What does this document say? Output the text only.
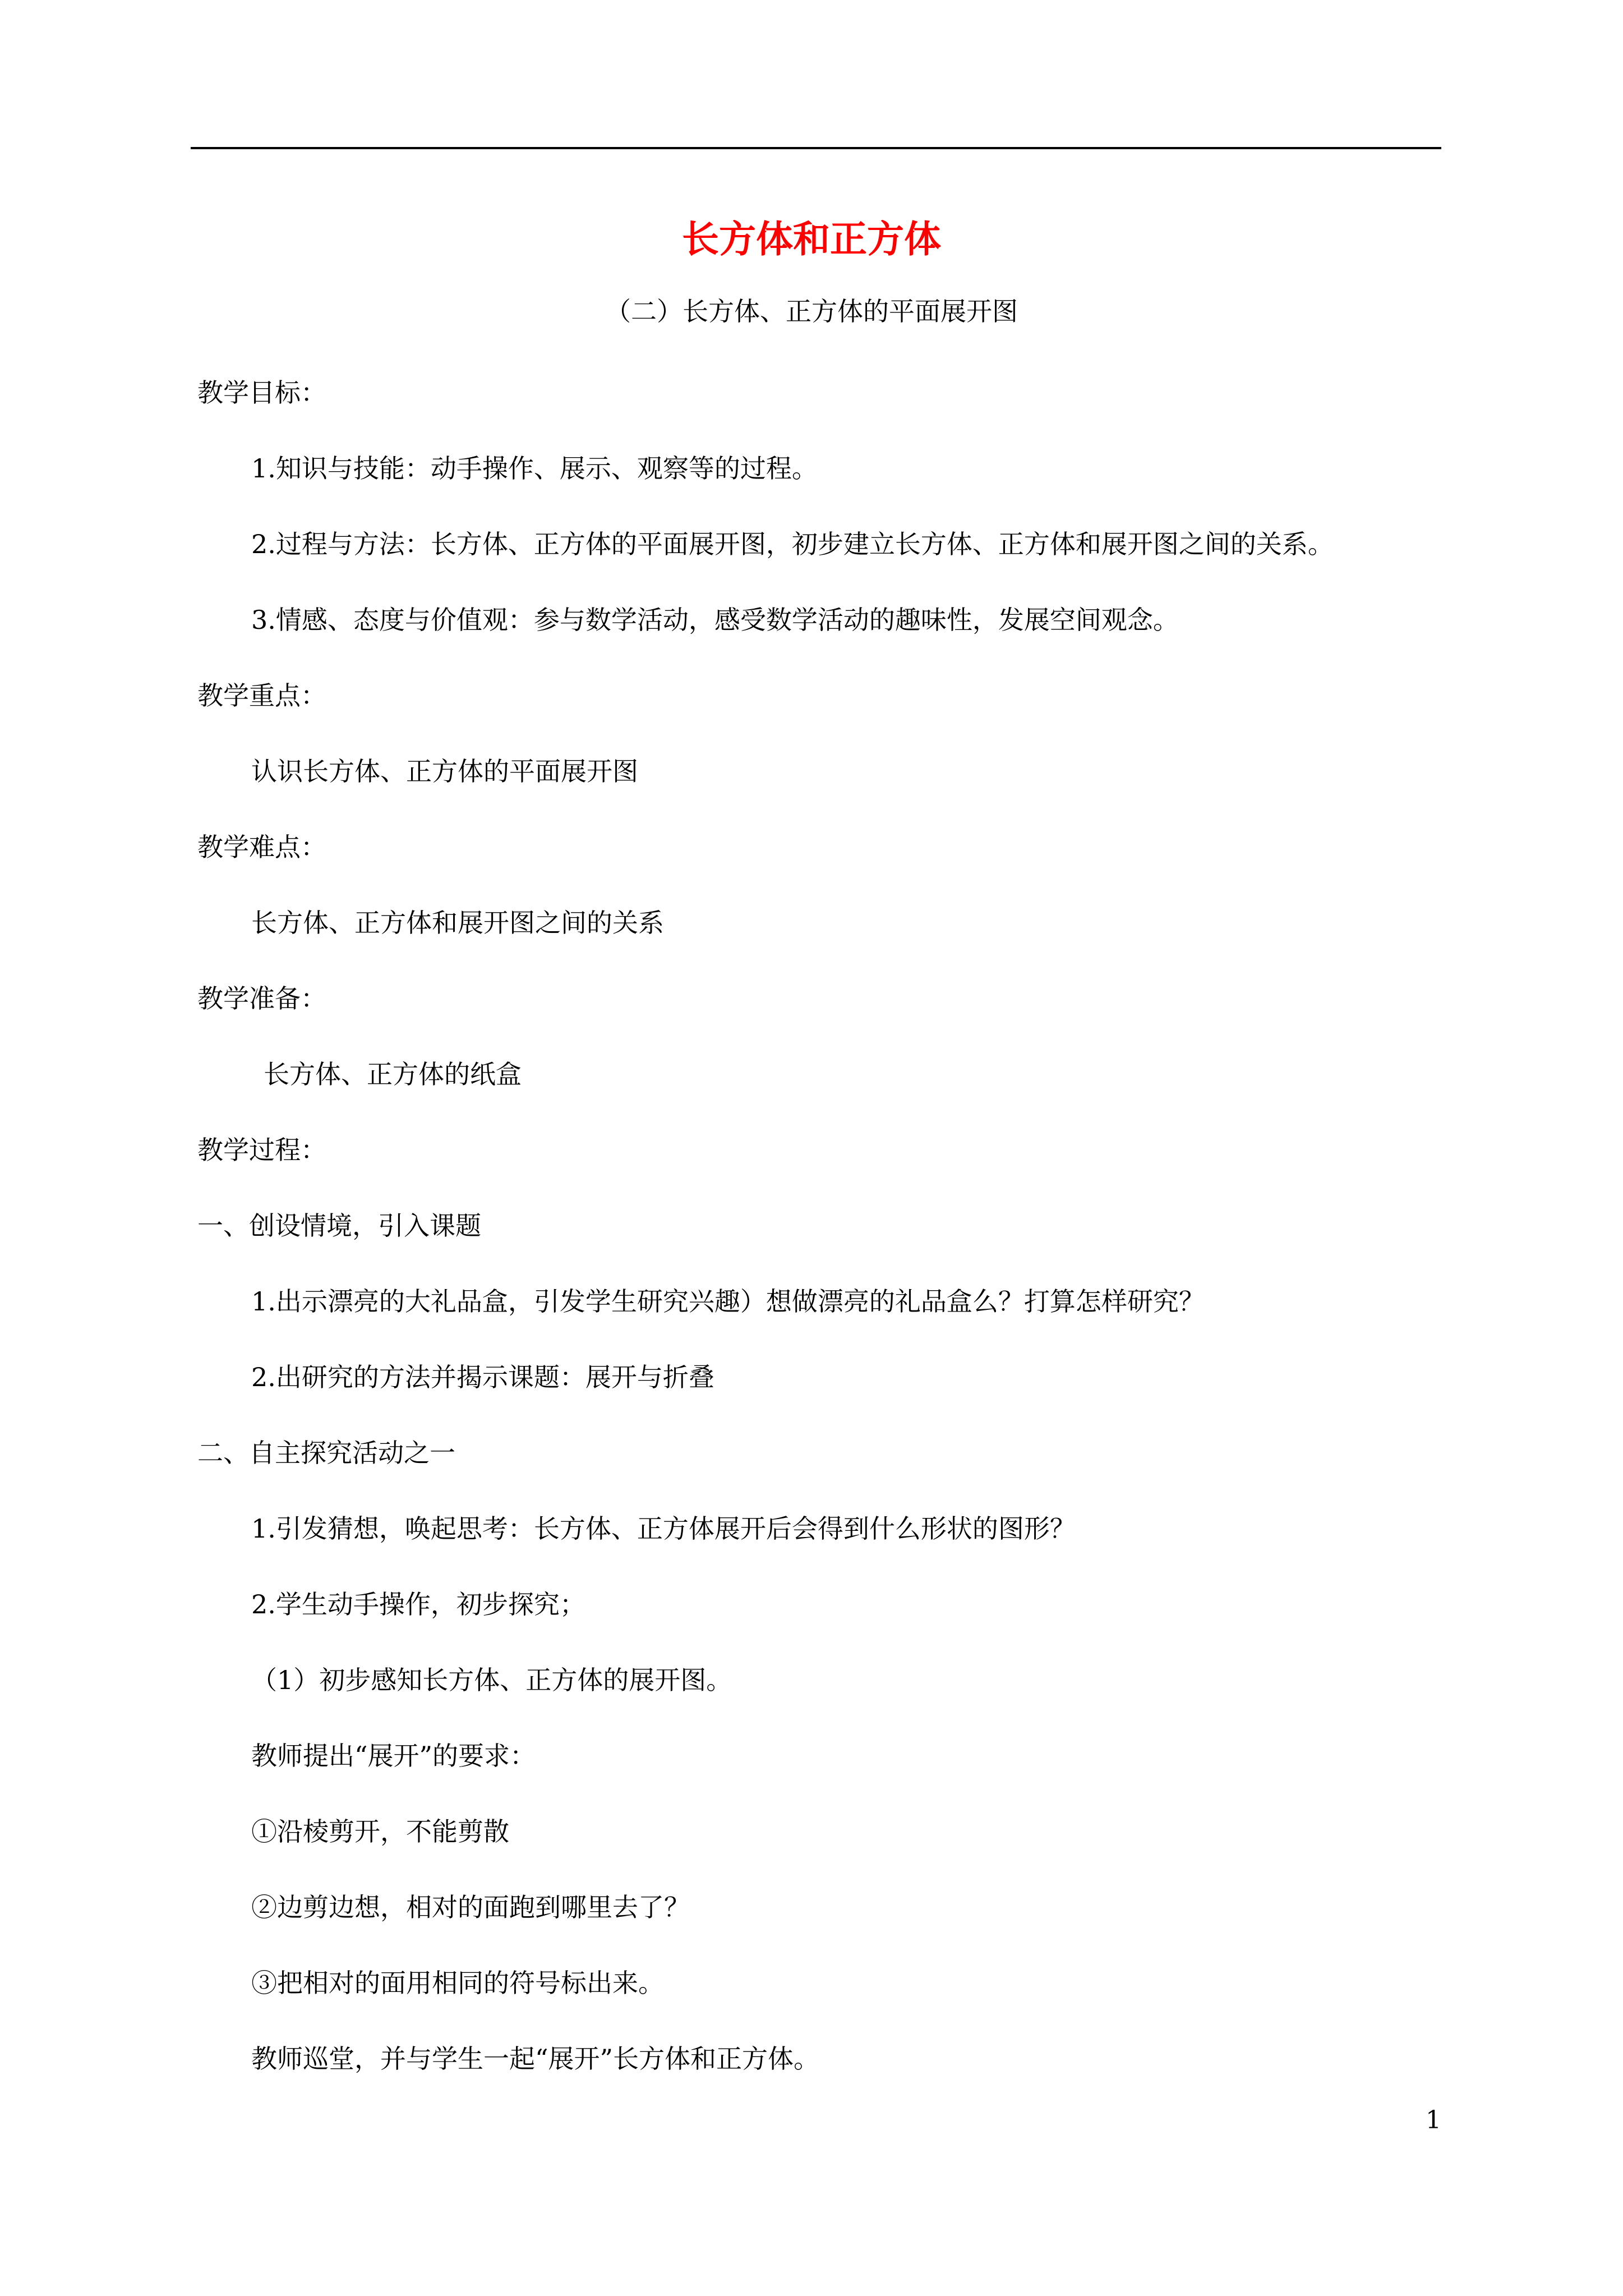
长方体和正方体
（二）长方体、正方体的平面展开图
教学目标：
1.知识与技能：动手操作、展示、观察等的过程。
2.过程与方法：长方体、正方体的平面展开图，初步建立长方体、正方体和展开图之间的关系。
3.情感、态度与价值观：参与数学活动，感受数学活动的趣味性，发展空间观念。
教学重点：
认识长方体、正方体的平面展开图
教学难点：
长方体、正方体和展开图之间的关系
教学准备：
长方体、正方体的纸盒
教学过程：
一、创设情境，引入课题
1.出示漂亮的大礼品盒，引发学生研究兴趣）想做漂亮的礼品盒么？打算怎样研究？
2.出研究的方法并揭示课题：展开与折叠
二、自主探究活动之一
1.引发猜想，唤起思考：长方体、正方体展开后会得到什么形状的图形？
2.学生动手操作，初步探究；
（1）初步感知长方体、正方体的展开图。
教师提出“展开”的要求：
①沿棱剪开，不能剪散
②边剪边想，相对的面跑到哪里去了？
③把相对的面用相同的符号标出来。
教师巡堂，并与学生一起“展开”长方体和正方体。
1
